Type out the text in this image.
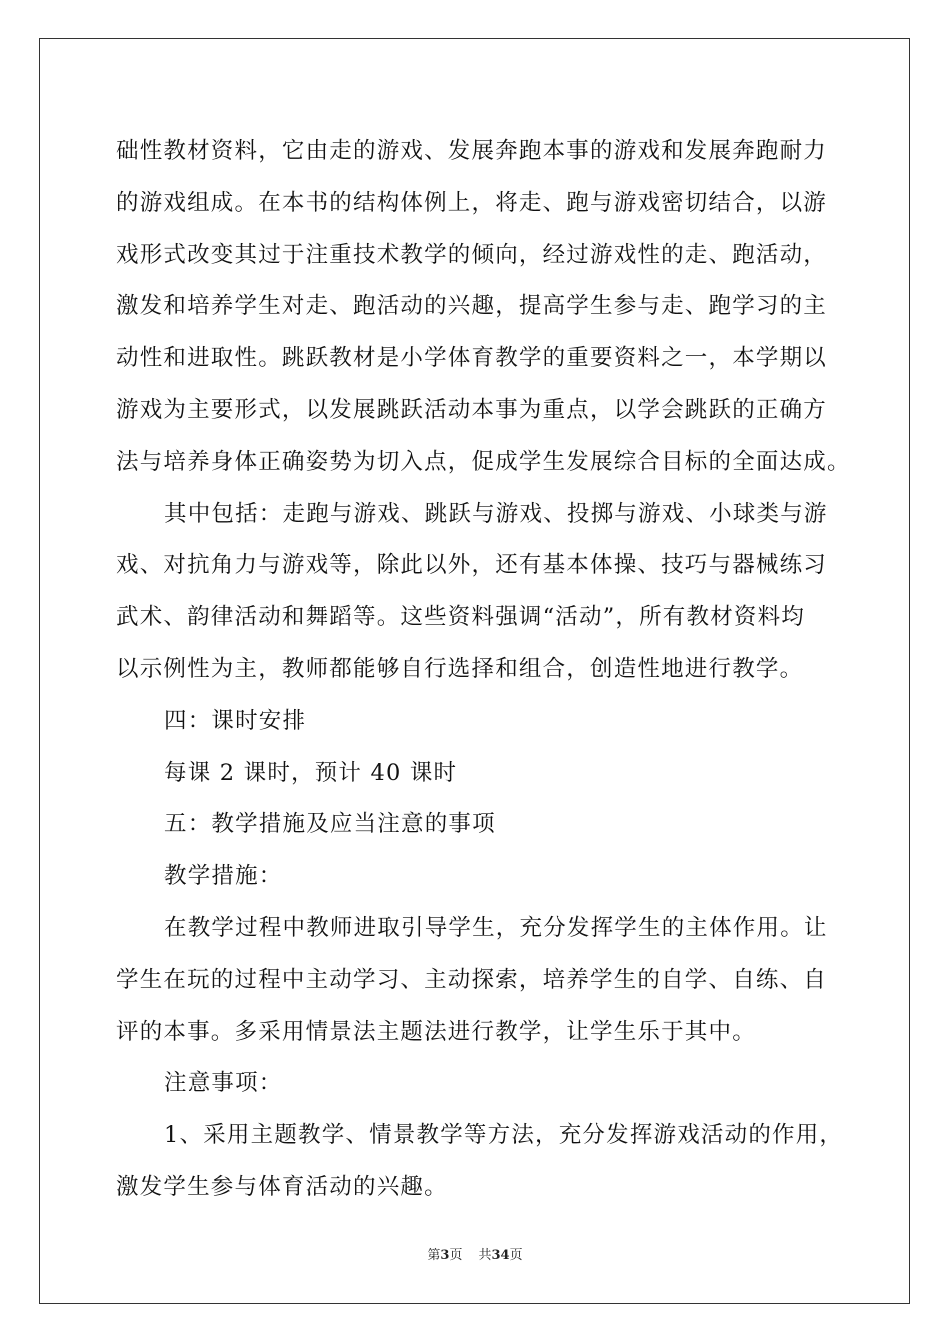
础性教材资料，它由走的游戏、发展奔跑本事的游戏和发展奔跑耐力
的游戏组成。在本书的结构体例上，将走、跑与游戏密切结合，以游
戏形式改变其过于注重技术教学的倾向，经过游戏性的走、跑活动，
激发和培养学生对走、跑活动的兴趣，提高学生参与走、跑学习的主
动性和进取性。跳跃教材是小学体育教学的重要资料之一，本学期以
游戏为主要形式，以发展跳跃活动本事为重点，以学会跳跃的正确方
法与培养身体正确姿势为切入点，促成学生发展综合目标的全面达成。
其中包括：走跑与游戏、跳跃与游戏、投掷与游戏、小球类与游
戏、对抗角力与游戏等，除此以外，还有基本体操、技巧与器械练习
武术、韵律活动和舞蹈等。这些资料强调“活动”，所有教材资料均
以示例性为主，教师都能够自行选择和组合，创造性地进行教学。
四：课时安排
每课 2 课时，预计 40 课时
五：教学措施及应当注意的事项
教学措施：
在教学过程中教师进取引导学生，充分发挥学生的主体作用。让
学生在玩的过程中主动学习、主动探索，培养学生的自学、自练、自
评的本事。多采用情景法主题法进行教学，让学生乐于其中。
注意事项：
1、采用主题教学、情景教学等方法，充分发挥游戏活动的作用，
激发学生参与体育活动的兴趣。
第3页 共34页
